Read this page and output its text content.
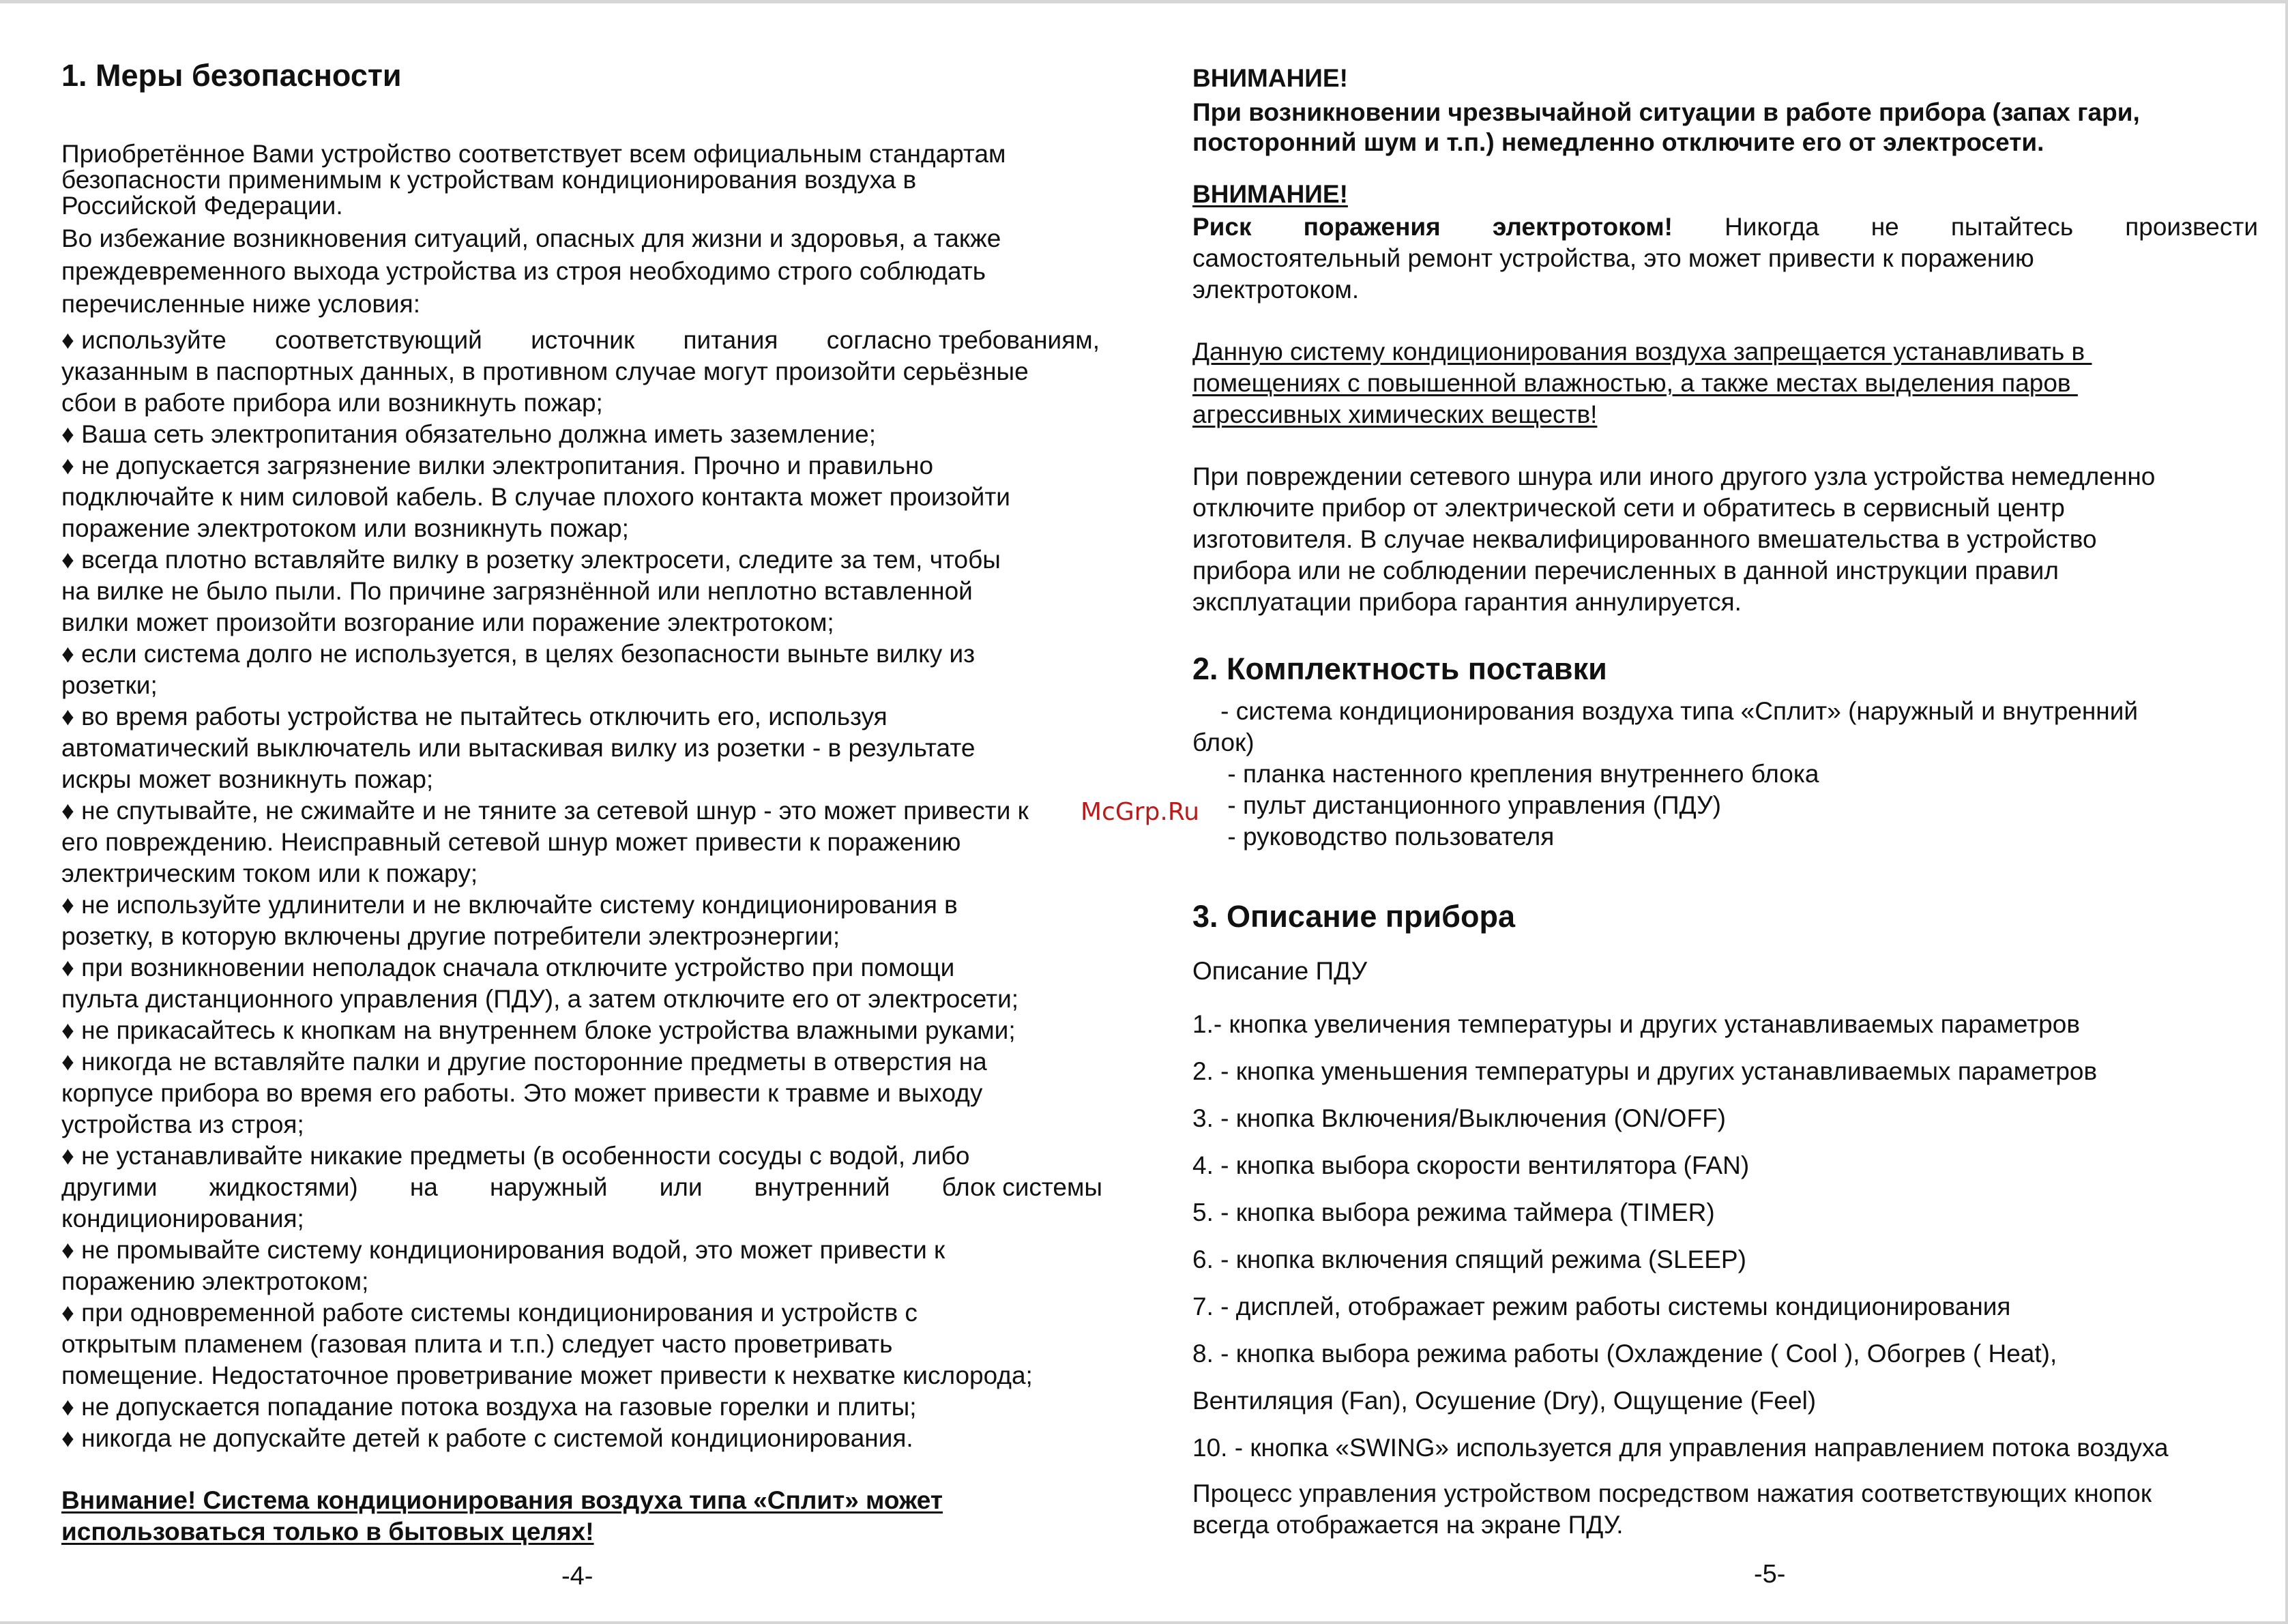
1. Меры безопасности
Приобретённое Вами устройство соответствует всем официальным стандартам
безопасности применимым к устройствам кондиционирования воздуха в
Российской Федерации.
Во избежание возникновения ситуаций, опасных для жизни и здоровья, а также
преждевременного выхода устройства из строя необходимо строго соблюдать
перечисленные ниже условия:
♦ используйте соответствующий источник питания согласно требованиям,
указанным в паспортных данных, в противном случае могут произойти серьёзные
сбои в работе прибора или возникнуть пожар;
♦ Ваша сеть электропитания обязательно должна иметь заземление;
♦ не допускается загрязнение вилки электропитания. Прочно и правильно
подключайте к ним силовой кабель. В случае плохого контакта может произойти
поражение электротоком или возникнуть пожар;
♦ всегда плотно вставляйте вилку в розетку электросети, следите за тем, чтобы
на вилке не было пыли. По причине загрязнённой или неплотно вставленной
вилки может произойти возгорание или поражение электротоком;
♦ если система долго не используется, в целях безопасности выньте вилку из
розетки;
♦ во время работы устройства не пытайтесь отключить его, используя
автоматический выключатель или вытаскивая вилку из розетки - в результате
искры может возникнуть пожар;
♦ не спутывайте, не сжимайте и не тяните за сетевой шнур - это может привести к
его повреждению. Неисправный сетевой шнур может привести к поражению
электрическим током или к пожару;
♦ не используйте удлинители и не включайте систему кондиционирования в
розетку, в которую включены другие потребители электроэнергии;
♦ при возникновении неполадок сначала отключите устройство при помощи
пульта дистанционного управления (ПДУ), а затем отключите его от электросети;
♦ не прикасайтесь к кнопкам на внутреннем блоке устройства влажными руками;
♦ никогда не вставляйте палки и другие посторонние предметы в отверстия на
корпусе прибора во время его работы. Это может привести к травме и выходу
устройства из строя;
♦ не устанавливайте никакие предметы (в особенности сосуды с водой, либо
другими жидкостями) на наружный или внутренний блок системы
кондиционирования;
♦ не промывайте систему кондиционирования водой, это может привести к
поражению электротоком;
♦ при одновременной работе системы кондиционирования и устройств с
открытым пламенем (газовая плита и т.п.) следует часто проветривать
помещение. Недостаточное проветривание может привести к нехватке кислорода;
♦ не допускается попадание потока воздуха на газовые горелки и плиты;
♦ никогда не допускайте детей к работе с системой кондиционирования.
Внимание! Система кондиционирования воздуха типа «Сплит» может
использоваться только в бытовых целях!
-4-
McGrp.Ru
ВНИМАНИЕ!
При возникновении чрезвычайной ситуации в работе прибора (запах гари,
посторонний шум и т.п.) немедленно отключите его от электросети.
ВНИМАНИЕ!
Риск поражения электротоком! Никогда не пытайтесь произвести
самостоятельный ремонт устройства, это может привести к поражению
электротоком.
Данную систему кондиционирования воздуха запрещается устанавливать в
помещениях с повышенной влажностью, а также местах выделения паров
агрессивных химических веществ!
При повреждении сетевого шнура или иного другого узла устройства немедленно
отключите прибор от электрической сети и обратитесь в сервисный центр
изготовителя. В случае неквалифицированного вмешательства в устройство
прибора или не соблюдении перечисленных в данной инструкции правил
эксплуатации прибора гарантия аннулируется.
2. Комплектность поставки
- система кондиционирования воздуха типа «Сплит» (наружный и внутренний
блок)
- планка настенного крепления внутреннего блока
- пульт дистанционного управления (ПДУ)
- руководство пользователя
3. Описание прибора
Описание ПДУ
1.- кнопка увеличения температуры и других устанавливаемых параметров
2. - кнопка уменьшения температуры и других устанавливаемых параметров
3. - кнопка Включения/Выключения (ON/OFF)
4. - кнопка выбора скорости вентилятора (FAN)
5. - кнопка выбора режима таймера (TIMER)
6. - кнопка включения спящий режима (SLEEP)
7. - дисплей, отображает режим работы системы кондиционирования
8. - кнопка выбора режима работы (Охлаждение ( Cool ), Обогрев ( Heat),
Вентиляция (Fan), Осушение (Dry), Ощущение (Feel)
10. - кнопка «SWING» используется для управления направлением потока воздуха
Процесс управления устройством посредством нажатия соответствующих кнопок
всегда отображается на экране ПДУ.
-5-
